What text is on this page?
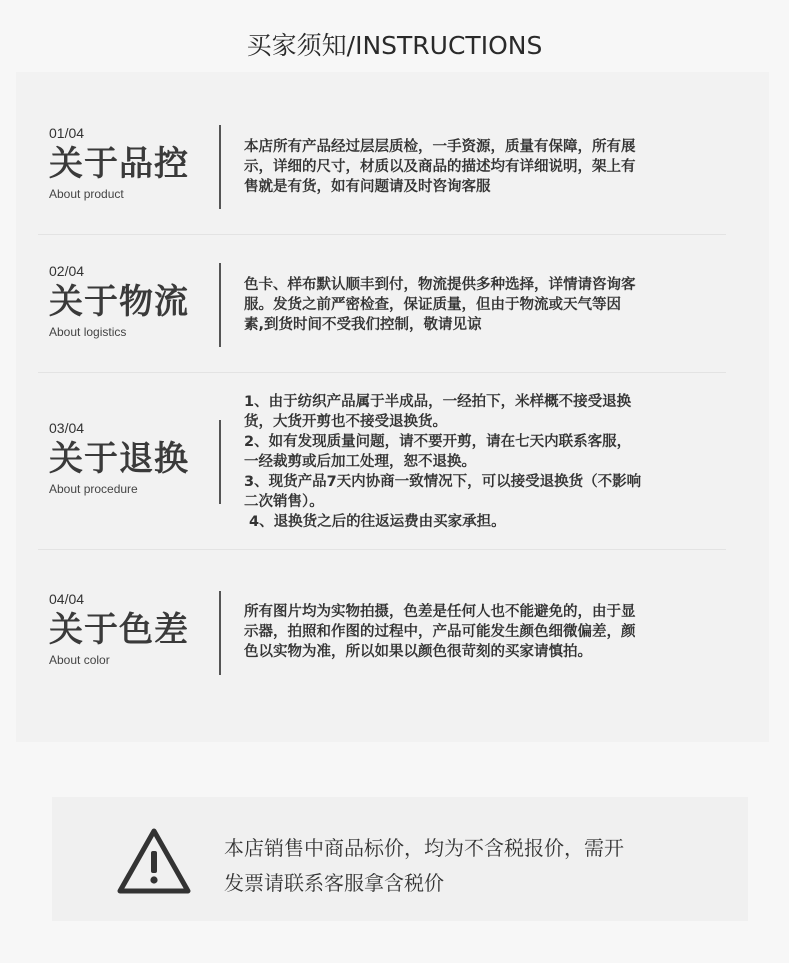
买家须知/INSTRUCTIONS
01/04
关于品控
About product

本店所有产品经过层层质检，一手资源，质量有保障，所有展

示，详细的尺寸，材质以及商品的描述均有详细说明，架上有

售就是有货，如有问题请及时咨询客服

02/04
关于物流
About logistics

色卡、样布默认顺丰到付，物流提供多种选择，详情请咨询客

服。发货之前严密检查，保证质量，但由于物流或天气等因

素,到货时间不受我们控制，敬请见谅

03/04
关于退换
About procedure

1、由于纺织产品属于半成品，一经拍下，米样概不接受退换

货，大货开剪也不接受退换货。

2、如有发现质量问题，请不要开剪，请在七天内联系客服，

一经裁剪或后加工处理，恕不退换。

3、现货产品7天内协商一致情况下，可以接受退换货（不影响

二次销售）。

4、退换货之后的往返运费由买家承担。

04/04
关于色差
About color

所有图片均为实物拍摄，色差是任何人也不能避免的，由于显

示器，拍照和作图的过程中，产品可能发生颜色细微偏差，颜

色以实物为准，所以如果以颜色很苛刻的买家请慎拍。

本店销售中商品标价，均为不含税报价，需开

发票请联系客服拿含税价
